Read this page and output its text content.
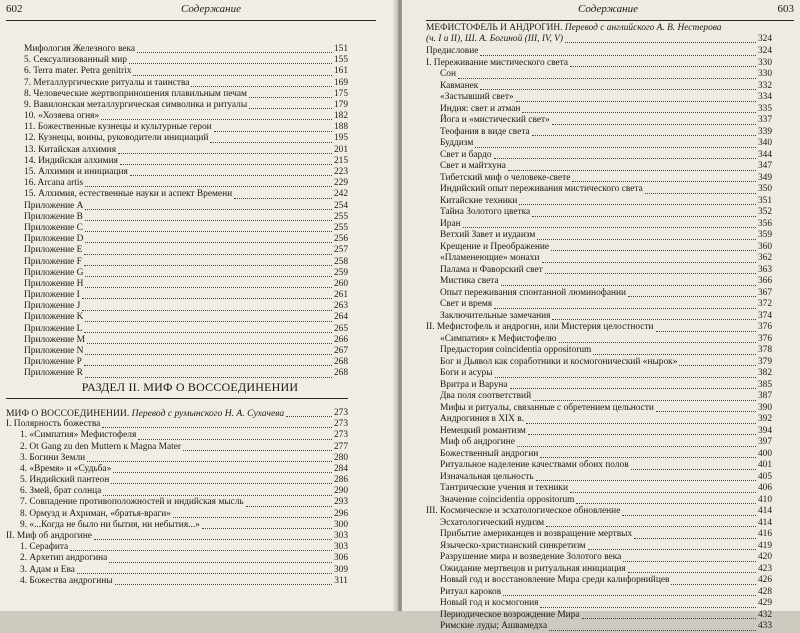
602	Содержание
Мифология Железного века	151
5. Сексуализованный мир	155
6. Terra mater. Petra genitrix	161
7. Металлургические ритуалы и таинства	169
8. Человеческие жертвоприношения плавильным печам	175
9. Вавилонская металлургическая символика и ритуалы	179
10. «Хозяева огня»	182
11. Божественные кузнецы и культурные герои	188
12. Кузнецы, воины, руководители инициаций	195
13. Китайская алхимия	201
14. Индийская алхимия	215
15. Алхимия и инициация	223
16. Arcana artis	229
15. Алхимия, естественные науки и аспект Времени	242
Приложение A	254
Приложение B	255
Приложение C	255
Приложение D	256
Приложение E	257
Приложение F	258
Приложение G	259
Приложение H	260
Приложение I	261
Приложение J	263
Приложение K	264
Приложение L	265
Приложение M	266
Приложение N	267
Приложение P	268
Приложение R	268
РАЗДЕЛ II. МИФ О ВОССОЕДИНЕНИИ
МИФ О ВОССОЕДИНЕНИИ. Перевод с румынского Н. А. Сухачева	273
I. Полярность божества	273
1. «Симпатия» Мефистофеля	273
2. Ot Gang zu den Muttern к Magna Mater	277
3. Богини Земли	280
4. «Время» и «Судьба»	284
5. Индийский пантеон	286
6. Змей, брат солнца	290
7. Совпадение противоположностей и индийская мысль	293
8. Ормузд и Ахриман, «братья-враги»	296
9. «...Когда не было ни бытия, ни небытия...»	300
II. Миф об андрогине	303
1. Серафита	303
2. Архетип андрогина	306
3. Адам и Ева	309
4. Божества андрогины	311
Содержание	603
МЕФИСТОФЕЛЬ И АНДРОГИН. Перевод с английского А. В. Нестерова
(ч. I и II), Ш. А. Богиной (III, IV, V)	324
Предисловие	324
I. Переживание мистического света	330
Сон	330
Кавманек	332
«Застывший свет»	334
Индия: свет и атман	335
Йога и «мистический свет»	337
Теофания в виде света	339
Буддизм	340
Свет и бардо	344
Свет и майтхуна	347
Тибетский миф о человеке-свете	349
Индийский опыт переживания мистического света	350
Китайские техники	351
Тайна Золотого цветка	352
Иран	356
Ветхий Завет и иудаизм	359
Крещение и Преображение	360
«Пламенеющие» монахи	362
Палама и Фаворский свет	363
Мистика света	366
Опыт переживания спонтанной люминофании	367
Свет и время	372
Заключительные замечания	374
II. Мефистофель и андрогин, или Мистерия целостности	376
«Симпатия» к Мефистофелю	376
Предыстория coincidentia oppositorum	378
Бог и Дьявол как соработники и космогонический «нырок»	379
Боги и асуры	382
Вритра и Варуна	385
Два поля соответствий	387
Мифы и ритуалы, связанные с обретением цельности	390
Андрогиния в XIX в.	392
Немецкий романтизм	394
Миф об андрогине	397
Божественный андрогин	400
Ритуальное наделение качествами обоих полов	401
Изначальная цельность	405
Тантрические учения и техники	406
Значение coincidentia oppositorum	410
III. Космическое и эсхатологическое обновление	414
Эсхатологический нудизм	414
Прибытие американцев и возвращение мертвых	416
Языческо-христианский синкретизм	419
Разрушение мира и возведение Золотого века	420
Ожидание мертвецов и ритуальная инициация	423
Новый год и восстановление Мира среди калифорнийцев	426
Ритуал кароков	428
Новый год и космогония	429
Периодическое возрождение Мира	432
Римские луды; Ашвамедха	433
